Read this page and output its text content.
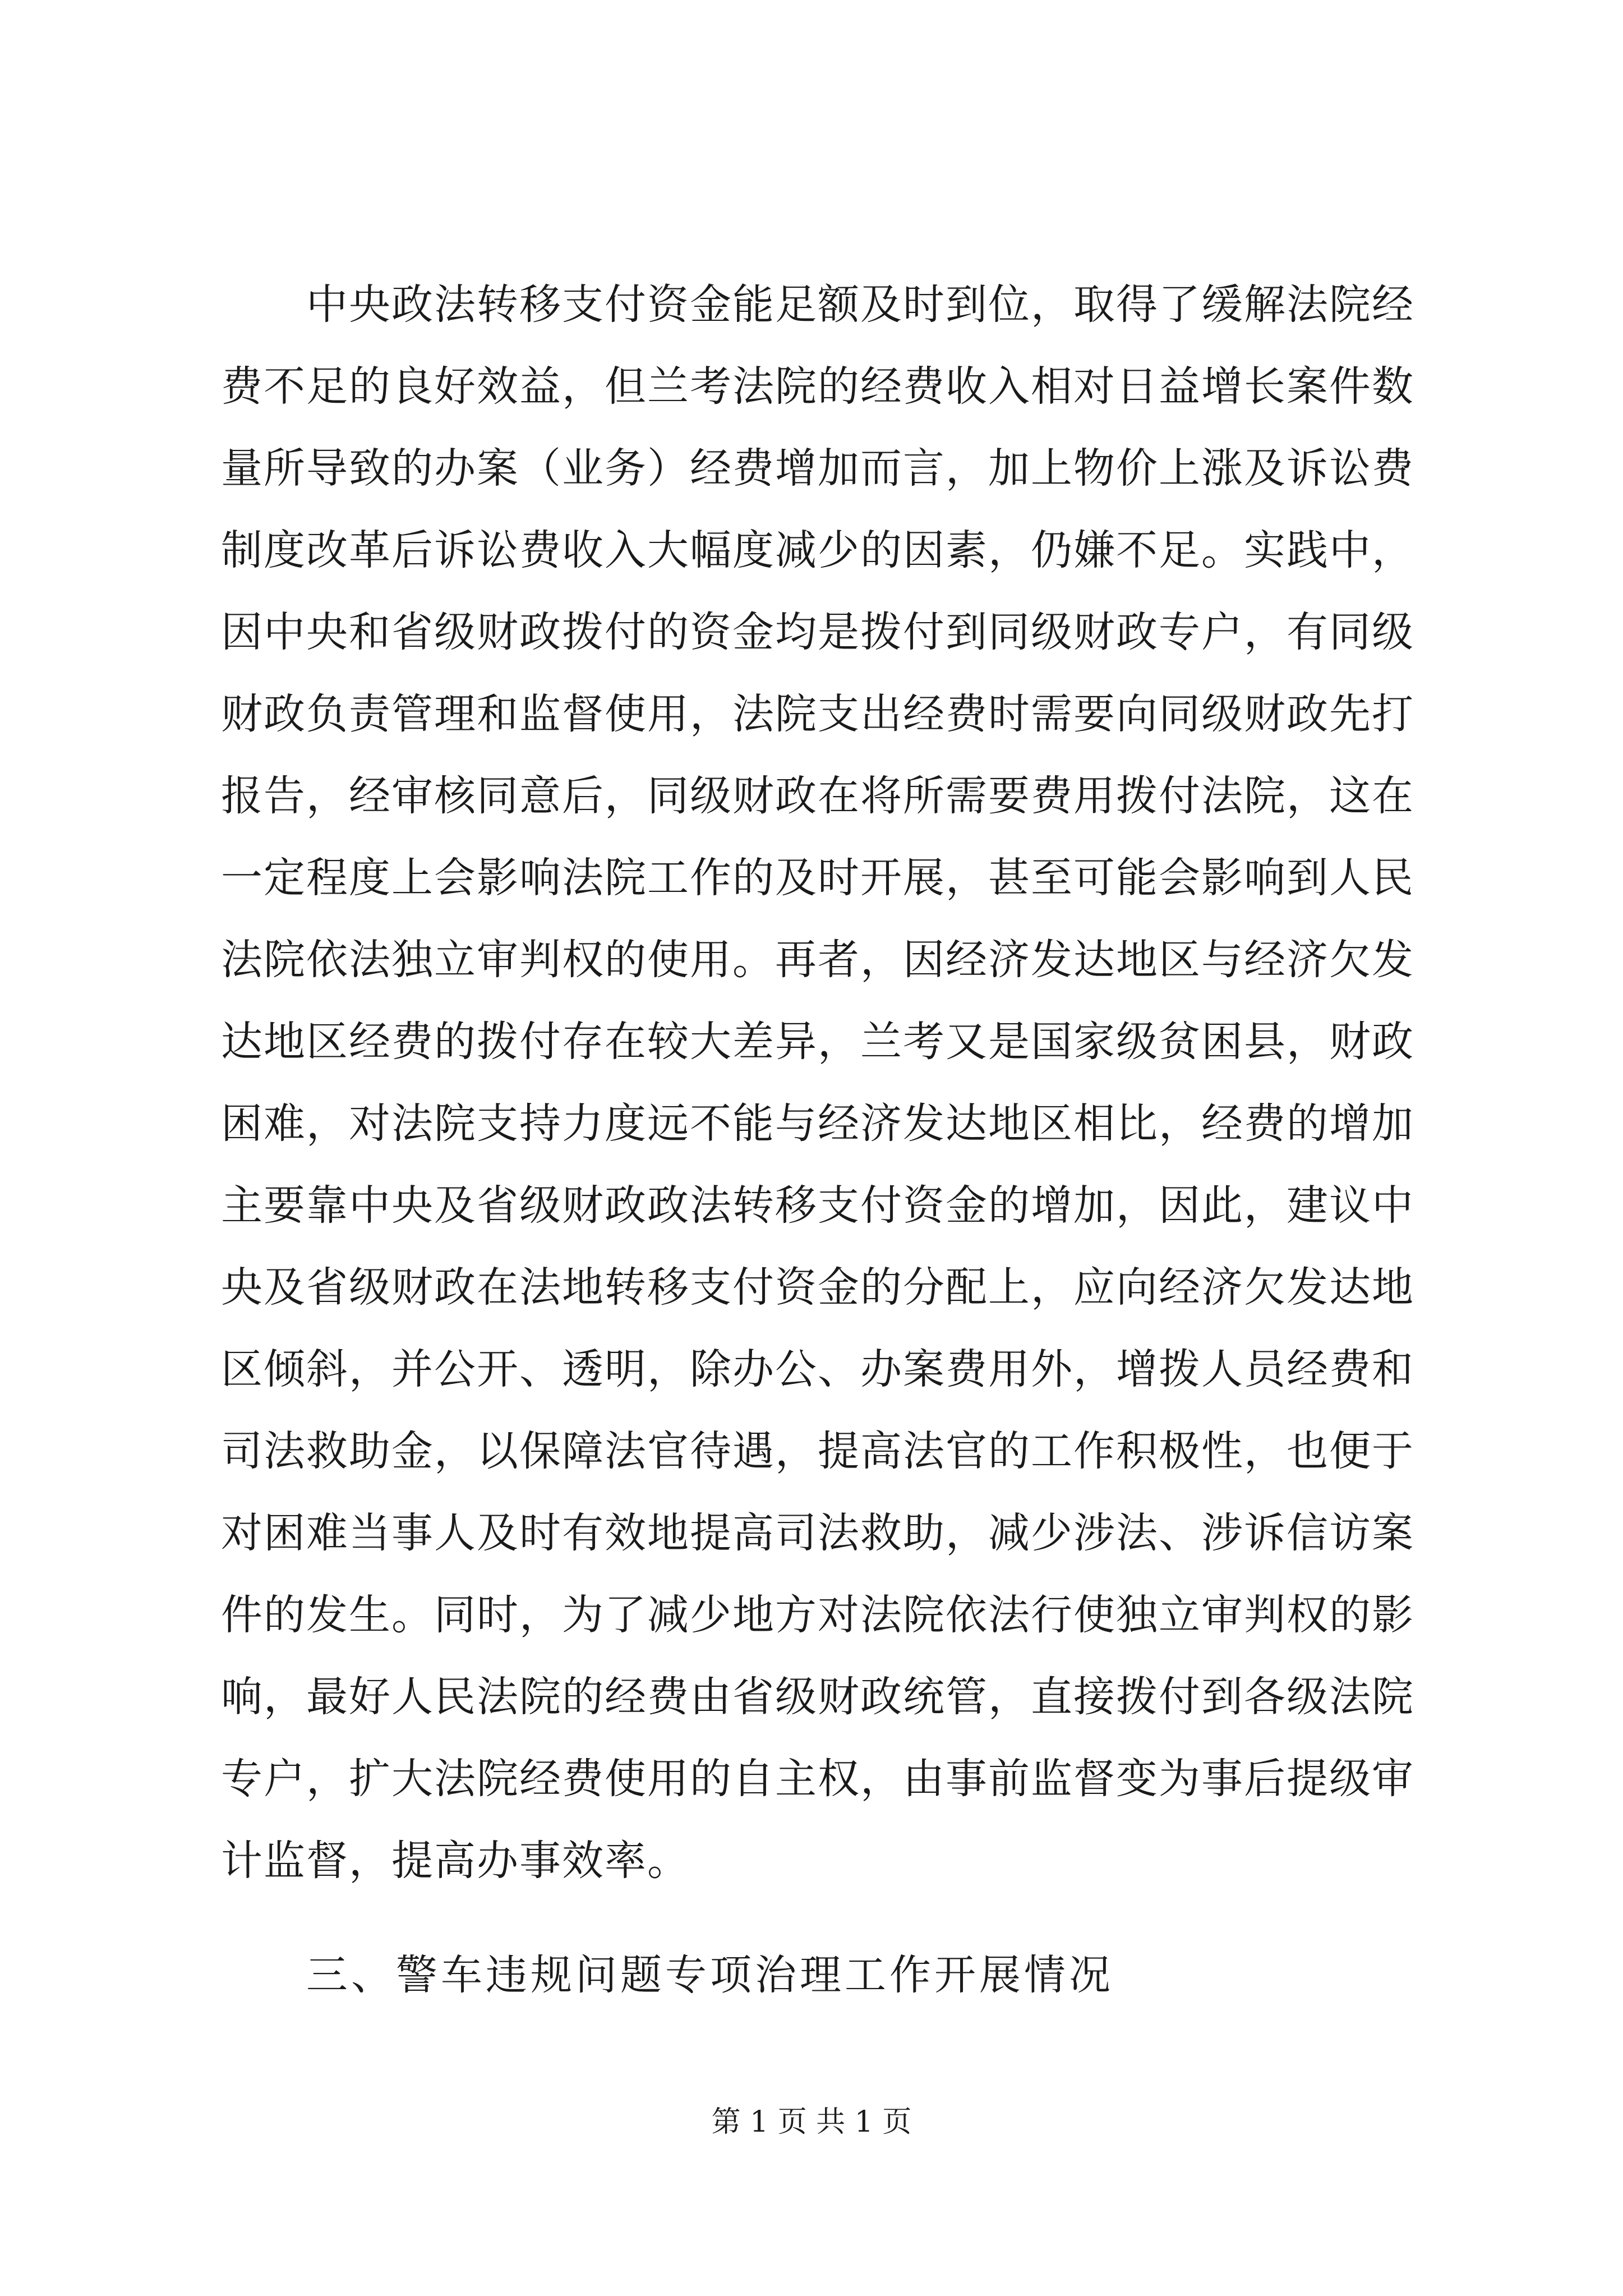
中央政法转移支付资金能足额及时到位，取得了缓解法院经
费不足的良好效益，但兰考法院的经费收入相对日益增长案件数
量所导致的办案（业务）经费增加而言，加上物价上涨及诉讼费
制度改革后诉讼费收入大幅度减少的因素，仍嫌不足。实践中，
因中央和省级财政拨付的资金均是拨付到同级财政专户，有同级
财政负责管理和监督使用，法院支出经费时需要向同级财政先打
报告，经审核同意后，同级财政在将所需要费用拨付法院，这在
一定程度上会影响法院工作的及时开展，甚至可能会影响到人民
法院依法独立审判权的使用。再者，因经济发达地区与经济欠发
达地区经费的拨付存在较大差异，兰考又是国家级贫困县，财政
困难，对法院支持力度远不能与经济发达地区相比，经费的增加
主要靠中央及省级财政政法转移支付资金的增加，因此，建议中
央及省级财政在法地转移支付资金的分配上，应向经济欠发达地
区倾斜，并公开、透明，除办公、办案费用外，增拨人员经费和
司法救助金，以保障法官待遇，提高法官的工作积极性，也便于
对困难当事人及时有效地提高司法救助，减少涉法、涉诉信访案
件的发生。同时，为了减少地方对法院依法行使独立审判权的影
响，最好人民法院的经费由省级财政统管，直接拨付到各级法院
专户，扩大法院经费使用的自主权，由事前监督变为事后提级审
计监督，提高办事效率。
三、警车违规问题专项治理工作开展情况
第 1 页 共 1 页
